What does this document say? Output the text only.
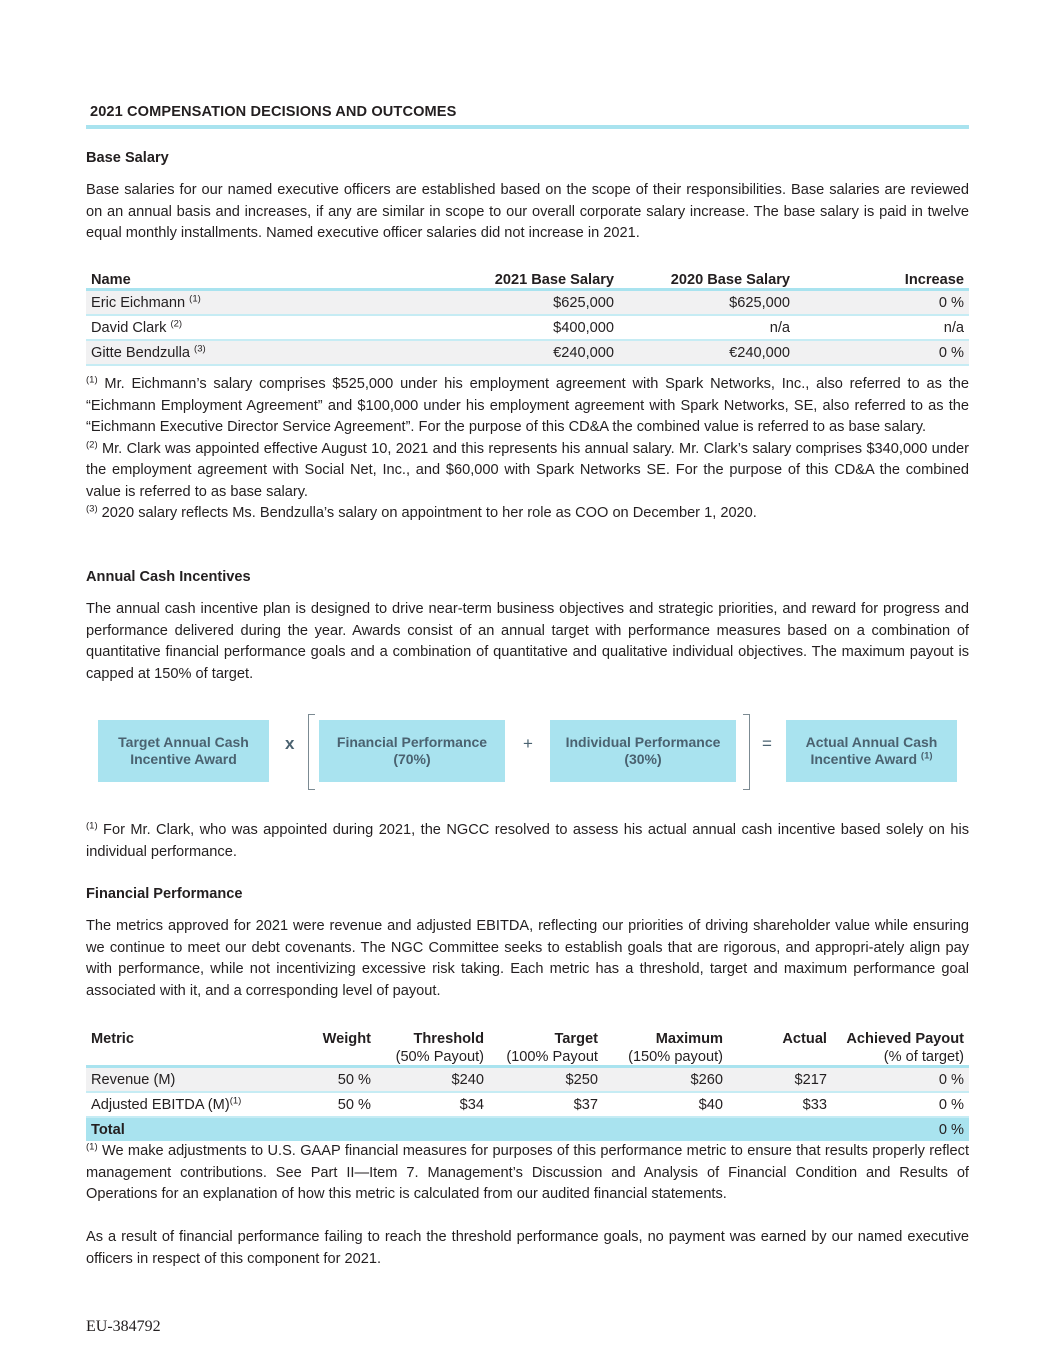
2021 COMPENSATION DECISIONS AND OUTCOMES
Base Salary

Base salaries for our named executive officers are established based on the scope of their responsibilities. Base salaries are reviewed on an annual basis and increases, if any are similar in scope to our overall corporate salary increase. The base salary is paid in twelve equal monthly installments. Named executive officer salaries did not increase in 2021.

Name	2021 Base Salary	2020 Base Salary	Increase
Eric Eichmann $^{(1)}$	$625,000	$625,000	0 %
David Clark $^{(2)}$	$400,000	n/a	n/a
Gitte Bendzulla $^{(3)}$	€240,000	€240,000	0 %
$^{(1)}$ Mr. Eichmann’s salary comprises $525,000 under his employment agreement with Spark Networks, Inc., also referred to as the “Eichmann Employment Agreement” and $100,000 under his employment agreement with Spark Networks, SE, also referred to as the “Eichmann Executive Director Service Agreement”. For the purpose of this CD&A the combined value is referred to as base salary.
$^{(2)}$ Mr. Clark was appointed effective August 10, 2021 and this represents his annual salary. Mr. Clark’s salary comprises $340,000 under the employment agreement with Social Net, Inc., and $60,000 with Spark Networks SE. For the purpose of this CD&A the combined value is referred to as base salary.
$^{(3)}$ 2020 salary reflects Ms. Bendzulla’s salary on appointment to her role as COO on December 1, 2020.
Annual Cash Incentives

The annual cash incentive plan is designed to drive near-term business objectives and strategic priorities, and reward for progress and performance delivered during the year. Awards consist of an annual target with performance measures based on a combination of quantitative financial performance goals and a combination of quantitative and qualitative individual objectives. The maximum payout is capped at 150% of target.

$^{(1)}$ For Mr. Clark, who was appointed during 2021, the NGCC resolved to assess his actual annual cash incentive based solely on his individual performance.
Financial Performance

The metrics approved for 2021 were revenue and adjusted EBITDA, reflecting our priorities of driving shareholder value while ensuring we continue to meet our debt covenants. The NGC Committee seeks to establish goals that are rigorous, and appropri-ately align pay with performance, while not incentivizing excessive risk taking. Each metric has a threshold, target and maximum performance goal associated with it, and a corresponding level of payout.

Metric	Weight	Threshold	Target	Maximum	Actual	Achieved Payout
		(50% Payout)	(100% Payout	(150% payout)		(% of target)
Revenue (M)	50 %	$240	$250	$260	$217	0 %
Adjusted EBITDA $(M)^{(1)}$	50 %	$34	$37	$40	$33	0 %
Total						0 %
$^{(1)}$ We make adjustments to U.S. GAAP financial measures for purposes of this performance metric to ensure that results properly reflect management contributions. See Part II—Item 7. Management’s Discussion and Analysis of Financial Condition and Results of Operations for an explanation of how this metric is calculated from our audited financial statements.

As a result of financial performance failing to reach the threshold performance goals, no payment was earned by our named executive officers in respect of this component for 2021.

Target Annual Cash
Incentive Award
x	Financial Performance
(70%)
+ Individual Performance
(30%)
= Actual Annual Cash
Incentive Award $^{(1)}$
EU-384792
